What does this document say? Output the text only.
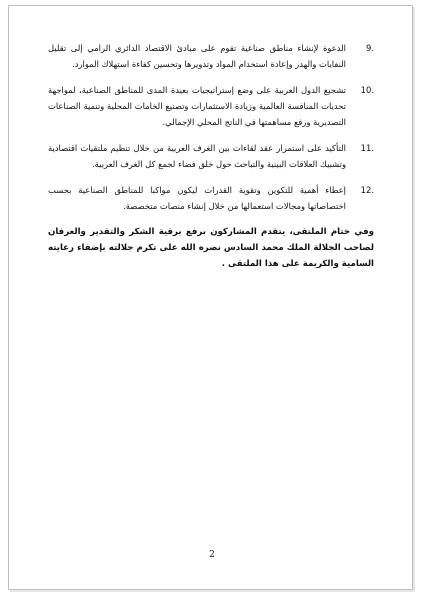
9.
الدعوة لإنشاء مناطق صناعية تقوم على مبادئ الاقتصاد الدائري الرامي إلى تقليل النفايات والهدر وإعادة استخدام المواد وتدويرها وتحسين كفاءة استهلاك الموارد.
10.
تشجيع الدول العربية على وضع إستراتيجيات بعيدة المدى للمناطق الصناعية، لمواجهة تحديات المنافسة العالمية وزيادة الاستثمارات وتصنيع الخامات المحلية وتنمية الصناعات التصديرية ورفع مساهمتها في الناتج المحلي الإجمالي.
11.
التأكيد على استمرار عقد لقاءات بين الغرف العربية من خلال تنظيم ملتقيات اقتصادية وتشبيك العلاقات البينية والتباحث حول خلق فضاء لجمع كل الغرف العربية.
12.
إعطاء أهمية للتكوين وتقوية القدرات ليكون مواكبا للمناطق الصناعية بحسب اختصاصاتها ومجالات استعمالها من خلال إنشاء منصات متخصصة.

وفي ختام الملتقى، يتقدم المشاركون برفع برقية الشكر والتقدير والعرفان لصاحب الجلالة الملك محمد السادس نصره الله على تكرم جلالته بإضفاء رعايته السامية والكريمة على هذا الملتقى .

2
